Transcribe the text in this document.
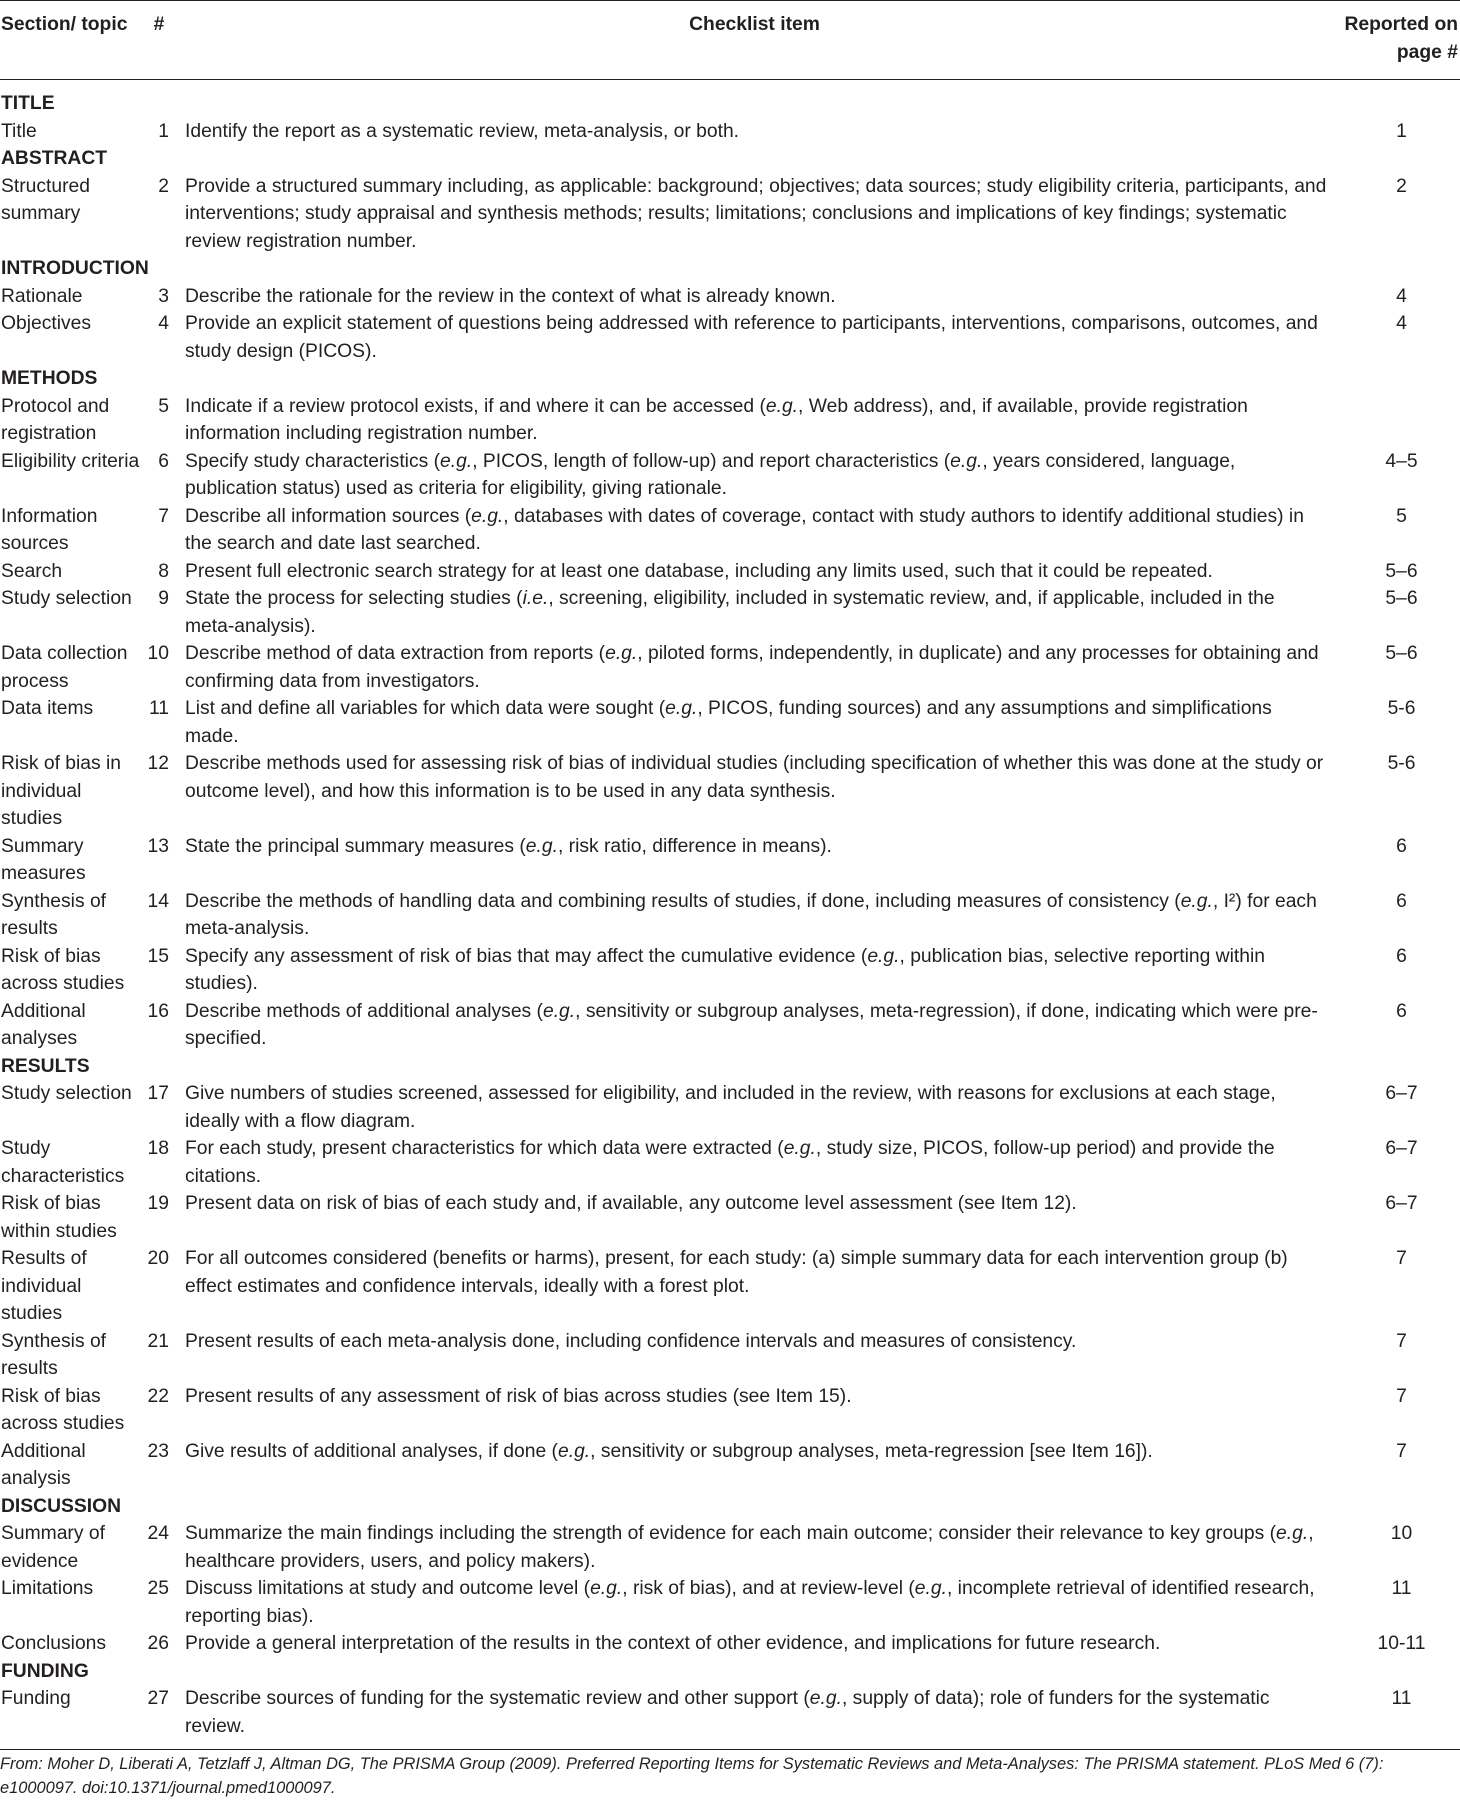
Section/ topic	#	Checklist item	Reported on page #

TITLE			
Title	1	Identify the report as a systematic review, meta-analysis, or both.	1
ABSTRACT			
Structured summary	2	Provide a structured summary including, as applicable: background; objectives; data sources; study eligibility criteria, participants, and interventions; study appraisal and synthesis methods; results; limitations; conclusions and implications of key findings; systematic review registration number.	2
INTRODUCTION			
Rationale	3	Describe the rationale for the review in the context of what is already known.	4
Objectives	4	Provide an explicit statement of questions being addressed with reference to participants, interventions, comparisons, outcomes, and study design (PICOS).	4
METHODS			
Protocol and registration	5	Indicate if a review protocol exists, if and where it can be accessed (e.g., Web address), and, if available, provide registration information including registration number.	
Eligibility criteria	6	Specify study characteristics (e.g., PICOS, length of follow-up) and report characteristics (e.g., years considered, language, publication status) used as criteria for eligibility, giving rationale.	4–5
Information sources	7	Describe all information sources (e.g., databases with dates of coverage, contact with study authors to identify additional studies) in the search and date last searched.	5
Search	8	Present full electronic search strategy for at least one database, including any limits used, such that it could be repeated.	5–6
Study selection	9	State the process for selecting studies (i.e., screening, eligibility, included in systematic review, and, if applicable, included in the meta-analysis).	5–6
Data collection process	10	Describe method of data extraction from reports (e.g., piloted forms, independently, in duplicate) and any processes for obtaining and confirming data from investigators.	5–6
Data items	11	List and define all variables for which data were sought (e.g., PICOS, funding sources) and any assumptions and simplifications made.	5-6
Risk of bias in individual studies	12	Describe methods used for assessing risk of bias of individual studies (including specification of whether this was done at the study or outcome level), and how this information is to be used in any data synthesis.	5-6
Summary measures	13	State the principal summary measures (e.g., risk ratio, difference in means).	6
Synthesis of results	14	Describe the methods of handling data and combining results of studies, if done, including measures of consistency (e.g., I²) for each meta-analysis.	6
Risk of bias across studies	15	Specify any assessment of risk of bias that may affect the cumulative evidence (e.g., publication bias, selective reporting within studies).	6
Additional analyses	16	Describe methods of additional analyses (e.g., sensitivity or subgroup analyses, meta-regression), if done, indicating which were pre-specified.	6
RESULTS			
Study selection	17	Give numbers of studies screened, assessed for eligibility, and included in the review, with reasons for exclusions at each stage, ideally with a flow diagram.	6–7
Study characteristics	18	For each study, present characteristics for which data were extracted (e.g., study size, PICOS, follow-up period) and provide the citations.	6–7
Risk of bias within studies	19	Present data on risk of bias of each study and, if available, any outcome level assessment (see Item 12).	6–7
Results of individual studies	20	For all outcomes considered (benefits or harms), present, for each study: (a) simple summary data for each intervention group (b) effect estimates and confidence intervals, ideally with a forest plot.	7
Synthesis of results	21	Present results of each meta-analysis done, including confidence intervals and measures of consistency.	7
Risk of bias across studies	22	Present results of any assessment of risk of bias across studies (see Item 15).	7
Additional analysis	23	Give results of additional analyses, if done (e.g., sensitivity or subgroup analyses, meta-regression [see Item 16]).	7
DISCUSSION			
Summary of evidence	24	Summarize the main findings including the strength of evidence for each main outcome; consider their relevance to key groups (e.g., healthcare providers, users, and policy makers).	10
Limitations	25	Discuss limitations at study and outcome level (e.g., risk of bias), and at review-level (e.g., incomplete retrieval of identified research, reporting bias).	11
Conclusions	26	Provide a general interpretation of the results in the context of other evidence, and implications for future research.	10-11
FUNDING			
Funding	27	Describe sources of funding for the systematic review and other support (e.g., supply of data); role of funders for the systematic review.	11
From: Moher D, Liberati A, Tetzlaff J, Altman DG, The PRISMA Group (2009). Preferred Reporting Items for Systematic Reviews and Meta-Analyses: The PRISMA statement. PLoS Med 6 (7): e1000097. doi:10.1371/journal.pmed1000097.
